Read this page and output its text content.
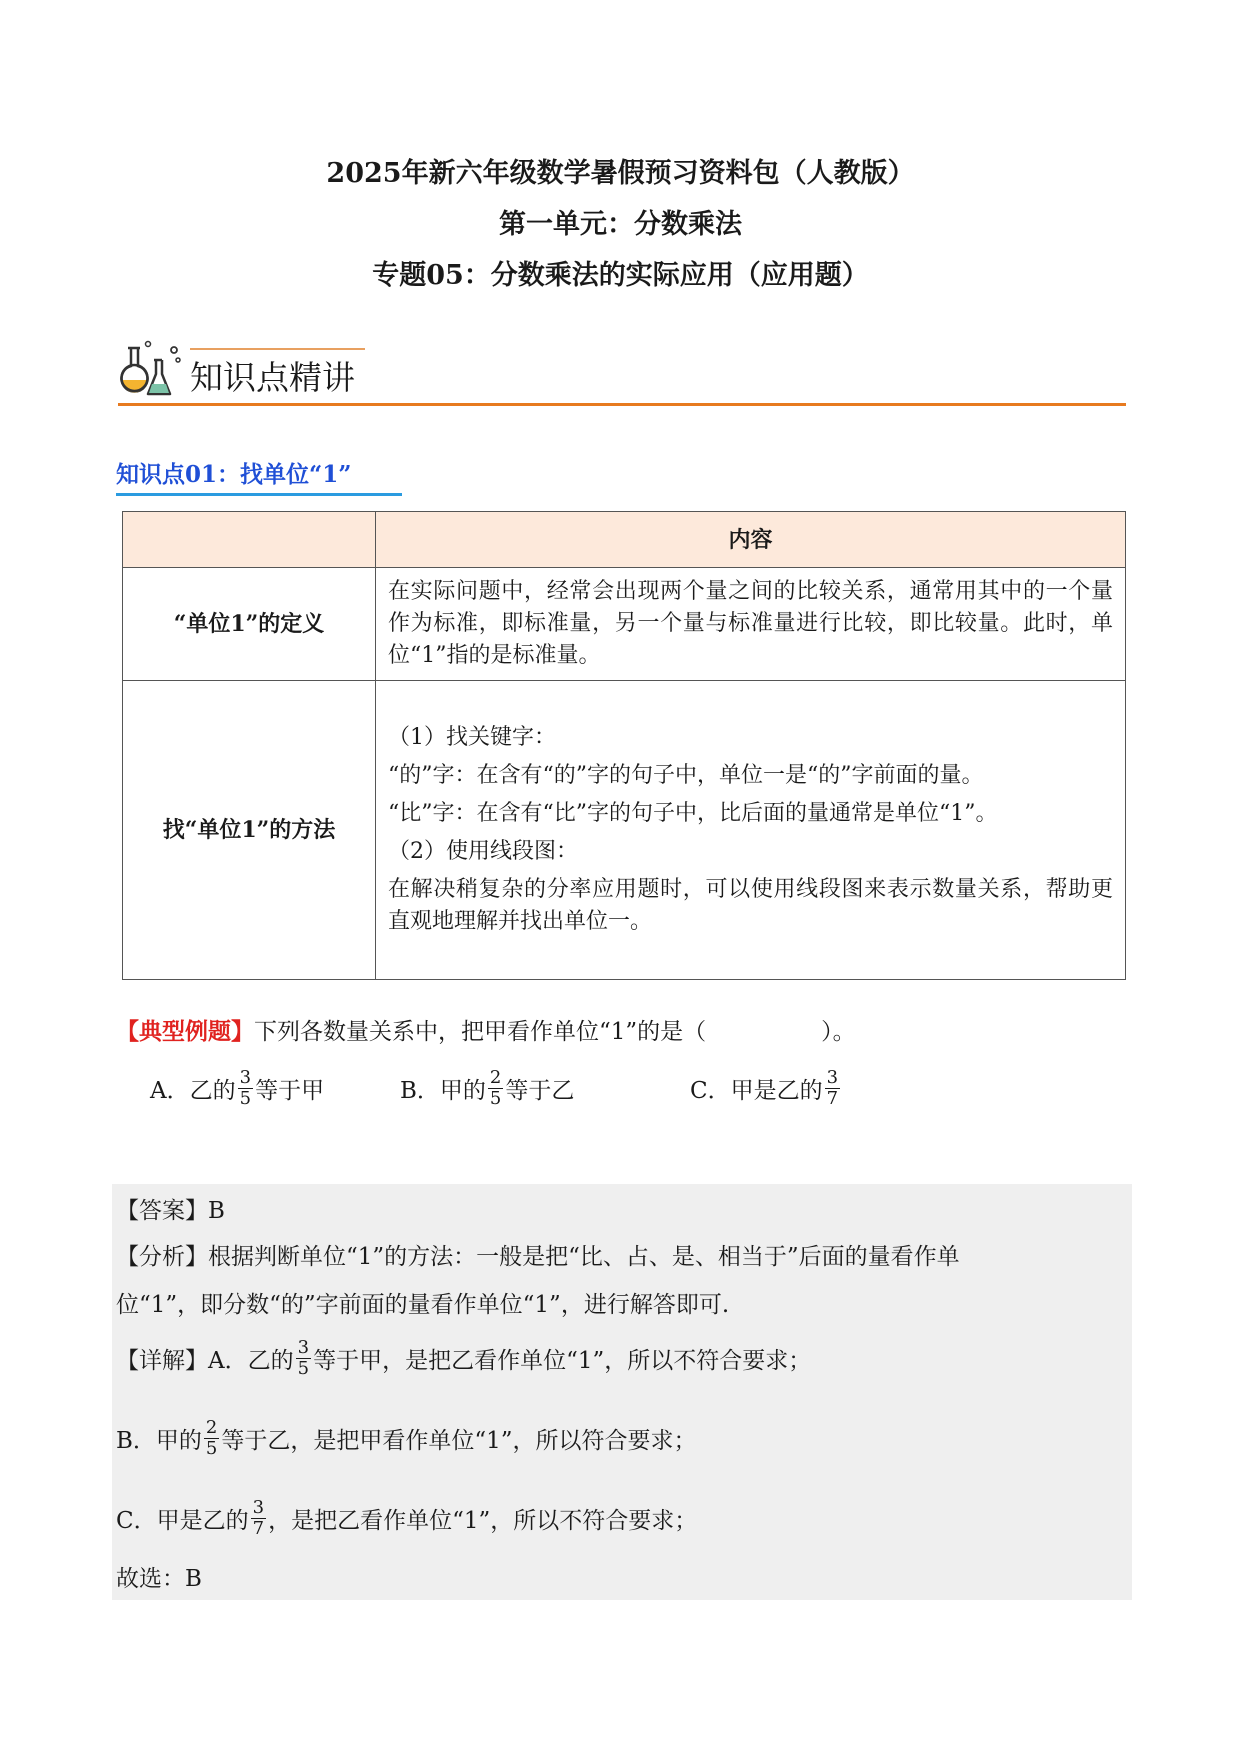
2025年新六年级数学暑假预习资料包（人教版）
第一单元：分数乘法
专题05：分数乘法的实际应用（应用题）
知识点精讲
知识点01：找单位“1”
	内容
“单位1”的定义	在实际问题中，经常会出现两个量之间的比较关系，通常用其中的一个量作为标准，即标准量，另一个量与标准量进行比较，即比较量。此时，单位“1”指的是标准量。

找“单位1”的方法	（1）找关键字：

“的”字：在含有“的”字的句子中，单位一是“的”字前面的量。

“比”字：在含有“比”字的句子中，比后面的量通常是单位“1”。

（2）使用线段图：

在解决稍复杂的分率应用题时，可以使用线段图来表示数量关系，帮助更直观地理解并找出单位一。

【典型例题】下列各数量关系中，把甲看作单位“1”的是（　　　　　）。
A．乙的 $\frac{3}{5}$ 等于甲	B．甲的 $\frac{2}{5}$ 等于乙	C．甲是乙的 $\frac{3}{7}$
【答案】B
【分析】根据判断单位“1”的方法：一般是把“比、占、是、相当于”后面的量看作单
位“1”，即分数“的”字前面的量看作单位“1”，进行解答即可.
【详解】A．乙的 $\frac{3}{5}$ 等于甲，是把乙看作单位“1”，所以不符合要求；
B．甲的 $\frac{2}{5}$ 等于乙，是把甲看作单位“1”，所以符合要求；
C．甲是乙的 $\frac{3}{7}$ ，是把乙看作单位“1”，所以不符合要求；
故选：B
